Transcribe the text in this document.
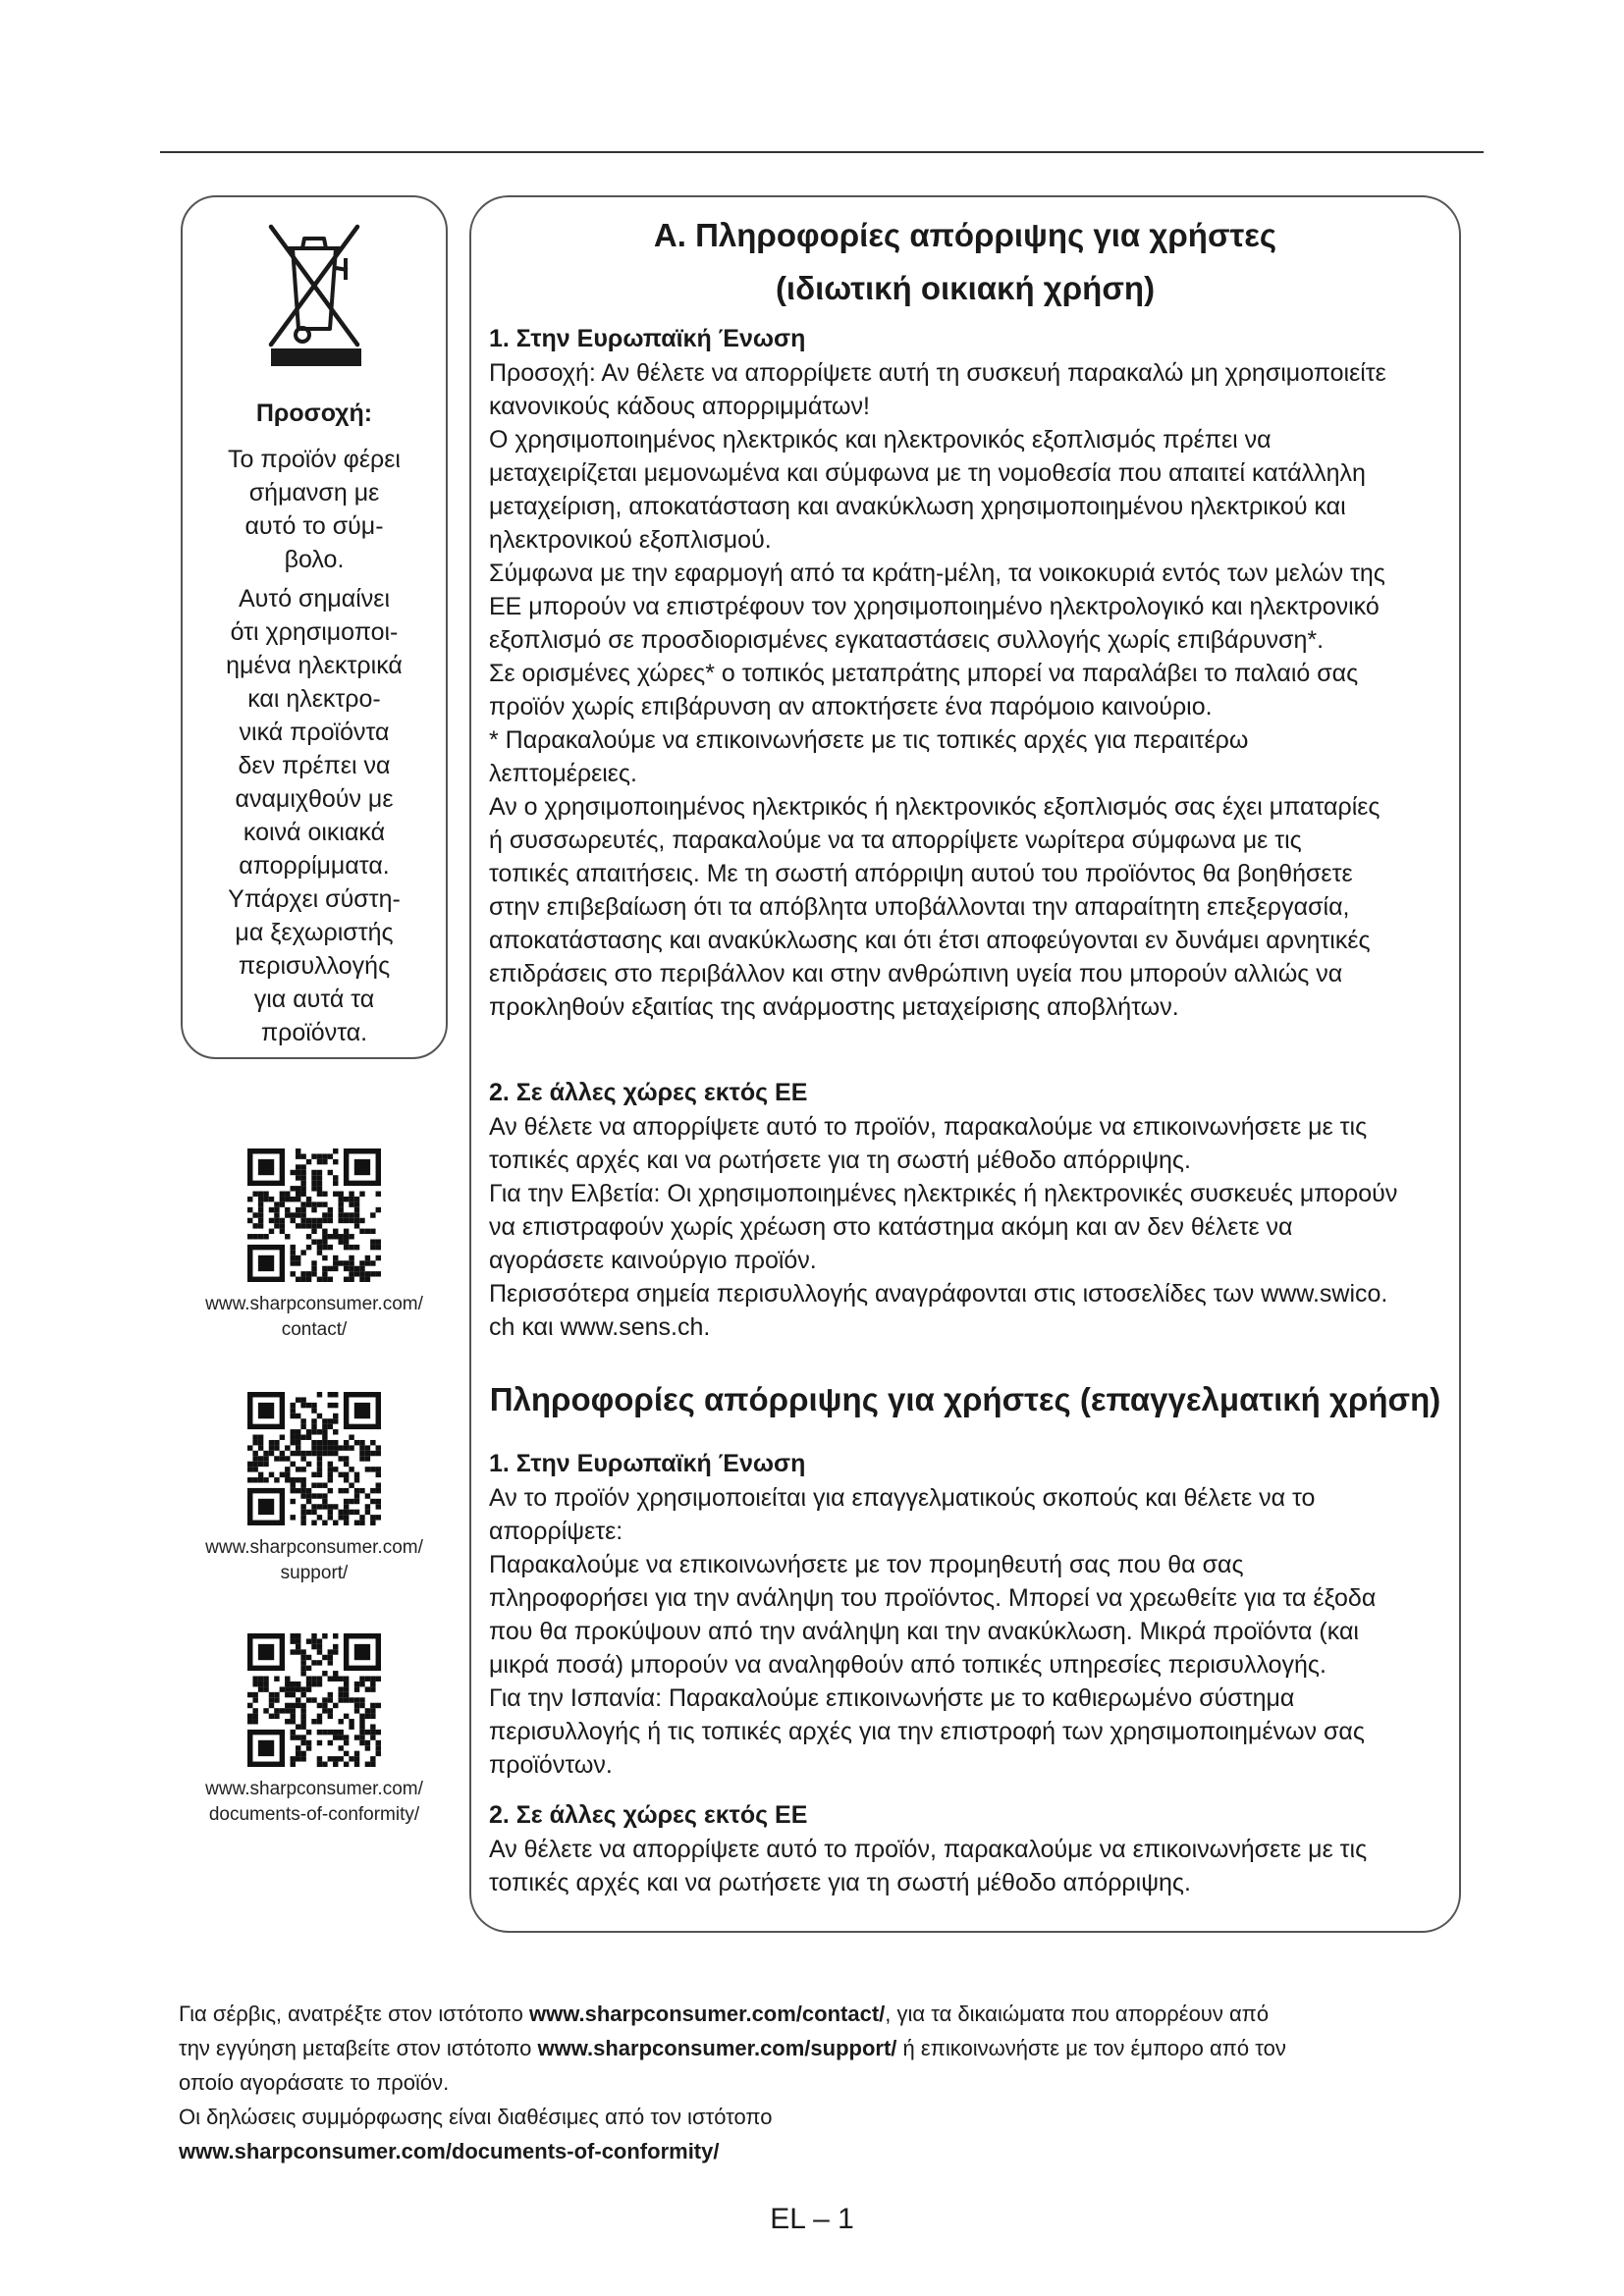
Προσοχή:
Το προϊόν φέρει
σήμανση με
αυτό το σύμ-
βολο.
Αυτό σημαίνει
ότι χρησιμοποι-
ημένα ηλεκτρικά
και ηλεκτρο-
νικά προϊόντα
δεν πρέπει να
αναμιχθούν με
κοινά οικιακά
απορρίμματα.
Υπάρχει σύστη-
μα ξεχωριστής
περισυλλογής
για αυτά τα
προϊόντα.
www.sharpconsumer.com/
contact/
www.sharpconsumer.com/
support/
www.sharpconsumer.com/
documents-of-conformity/
A. Πληροφορίες απόρριψης για χρήστες
(ιδιωτική οικιακή χρήση)
1. Στην Ευρωπαϊκή Ένωση
Προσοχή: Αν θέλετε να απορρίψετε αυτή τη συσκευή παρακαλώ μη χρησιμοποιείτε
κανονικούς κάδους απορριμμάτων!
Ο χρησιμοποιημένος ηλεκτρικός και ηλεκτρονικός εξοπλισμός πρέπει να
μεταχειρίζεται μεμονωμένα και σύμφωνα με τη νομοθεσία που απαιτεί κατάλληλη
μεταχείριση, αποκατάσταση και ανακύκλωση χρησιμοποιημένου ηλεκτρικού και
ηλεκτρονικού εξοπλισμού.
Σύμφωνα με την εφαρμογή από τα κράτη-μέλη, τα νοικοκυριά εντός των μελών της
ΕΕ μπορούν να επιστρέφουν τον χρησιμοποιημένο ηλεκτρολογικό και ηλεκτρονικό
εξοπλισμό σε προσδιορισμένες εγκαταστάσεις συλλογής χωρίς επιβάρυνση*.
Σε ορισμένες χώρες* ο τοπικός μεταπράτης μπορεί να παραλάβει το παλαιό σας
προϊόν χωρίς επιβάρυνση αν αποκτήσετε ένα παρόμοιο καινούριο.
* Παρακαλούμε να επικοινωνήσετε με τις τοπικές αρχές για περαιτέρω
λεπτομέρειες.
Αν ο χρησιμοποιημένος ηλεκτρικός ή ηλεκτρονικός εξοπλισμός σας έχει μπαταρίες
ή συσσωρευτές, παρακαλούμε να τα απορρίψετε νωρίτερα σύμφωνα με τις
τοπικές απαιτήσεις. Με τη σωστή απόρριψη αυτού του προϊόντος θα βοηθήσετε
στην επιβεβαίωση ότι τα απόβλητα υποβάλλονται την απαραίτητη επεξεργασία,
αποκατάστασης και ανακύκλωσης και ότι έτσι αποφεύγονται εν δυνάμει αρνητικές
επιδράσεις στο περιβάλλον και στην ανθρώπινη υγεία που μπορούν αλλιώς να
προκληθούν εξαιτίας της ανάρμοστης μεταχείρισης αποβλήτων.
2. Σε άλλες χώρες εκτός ΕΕ
Αν θέλετε να απορρίψετε αυτό το προϊόν, παρακαλούμε να επικοινωνήσετε με τις
τοπικές αρχές και να ρωτήσετε για τη σωστή μέθοδο απόρριψης.
Για την Ελβετία: Οι χρησιμοποιημένες ηλεκτρικές ή ηλεκτρονικές συσκευές μπορούν
να επιστραφούν χωρίς χρέωση στο κατάστημα ακόμη και αν δεν θέλετε να
αγοράσετε καινούργιο προϊόν.
Περισσότερα σημεία περισυλλογής αναγράφονται στις ιστοσελίδες των www.swico.
ch και www.sens.ch.
Πληροφορίες απόρριψης για χρήστες (επαγγελματική χρήση)
1. Στην Ευρωπαϊκή Ένωση
Αν το προϊόν χρησιμοποιείται για επαγγελματικούς σκοπούς και θέλετε να το
απορρίψετε:
Παρακαλούμε να επικοινωνήσετε με τον προμηθευτή σας που θα σας
πληροφορήσει για την ανάληψη του προϊόντος. Μπορεί να χρεωθείτε για τα έξοδα
που θα προκύψουν από την ανάληψη και την ανακύκλωση. Μικρά προϊόντα (και
μικρά ποσά) μπορούν να αναληφθούν από τοπικές υπηρεσίες περισυλλογής.
Για την Ισπανία: Παρακαλούμε επικοινωνήστε με το καθιερωμένο σύστημα
περισυλλογής ή τις τοπικές αρχές για την επιστροφή των χρησιμοποιημένων σας
προϊόντων.
2. Σε άλλες χώρες εκτός ΕΕ
Αν θέλετε να απορρίψετε αυτό το προϊόν, παρακαλούμε να επικοινωνήσετε με τις
τοπικές αρχές και να ρωτήσετε για τη σωστή μέθοδο απόρριψης.
Για σέρβις, ανατρέξτε στον ιστότοπο www.sharpconsumer.com/contact/, για τα δικαιώματα που απορρέουν από
την εγγύηση μεταβείτε στον ιστότοπο www.sharpconsumer.com/support/ ή επικοινωνήστε με τον έμπορο από τον
οποίο αγοράσατε το προϊόν.
Οι δηλώσεις συμμόρφωσης είναι διαθέσιμες από τον ιστότοπο
www.sharpconsumer.com/documents-of-conformity/
EL – 1
